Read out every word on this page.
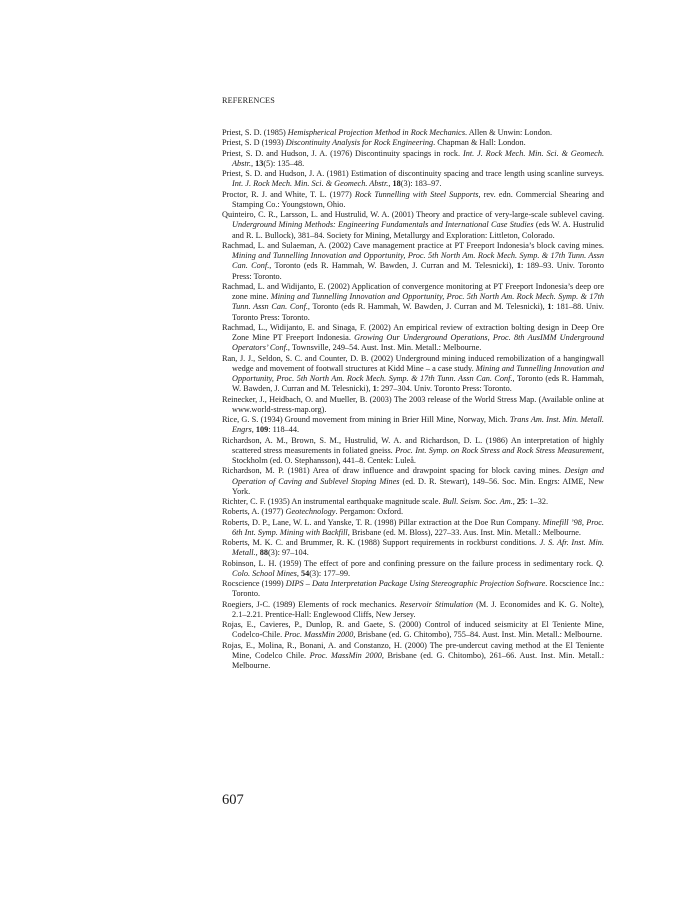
REFERENCES

Priest, S. D. (1985) Hemispherical Projection Method in Rock Mechanics. Allen & Unwin: London.

Priest, S. D (1993) Discontinuity Analysis for Rock Engineering. Chapman & Hall: London.

Priest, S. D. and Hudson, J. A. (1976) Discontinuity spacings in rock. Int. J. Rock Mech. Min. Sci. & Geomech. Abstr., 13(5): 135–48.

Priest, S. D. and Hudson, J. A. (1981) Estimation of discontinuity spacing and trace length using scanline surveys. Int. J. Rock Mech. Min. Sci. & Geomech. Abstr., 18(3): 183–97.

Proctor, R. J. and White, T. L. (1977) Rock Tunnelling with Steel Supports, rev. edn. Commercial Shearing and Stamping Co.: Youngstown, Ohio.

Quinteiro, C. R., Larsson, L. and Hustrulid, W. A. (2001) Theory and practice of very-large-scale sublevel caving. Underground Mining Methods: Engineering Fundamentals and International Case Studies (eds W. A. Hustrulid and R. L. Bullock), 381–84. Society for Mining, Metallurgy and Exploration: Littleton, Colorado.

Rachmad, L. and Sulaeman, A. (2002) Cave management practice at PT Freeport Indonesia’s block caving mines. Mining and Tunnelling Innovation and Opportunity, Proc. 5th North Am. Rock Mech. Symp. & 17th Tunn. Assn Can. Conf., Toronto (eds R. Hammah, W. Bawden, J. Curran and M. Telesnicki), 1: 189–93. Univ. Toronto Press: Toronto.

Rachmad, L. and Widijanto, E. (2002) Application of convergence monitoring at PT Freeport Indonesia’s deep ore zone mine. Mining and Tunnelling Innovation and Opportunity, Proc. 5th North Am. Rock Mech. Symp. & 17th Tunn. Assn Can. Conf., Toronto (eds R. Hammah, W. Bawden, J. Curran and M. Telesnicki), 1: 181–88. Univ. Toronto Press: Toronto.

Rachmad, L., Widijanto, E. and Sinaga, F. (2002) An empirical review of extraction bolting design in Deep Ore Zone Mine PT Freeport Indonesia. Growing Our Underground Operations, Proc. 8th AusIMM Underground Operators’ Conf., Townsville, 249–54. Aust. Inst. Min. Metall.: Melbourne.

Ran, J. J., Seldon, S. C. and Counter, D. B. (2002) Underground mining induced remobilization of a hangingwall wedge and movement of footwall structures at Kidd Mine – a case study. Mining and Tunnelling Innovation and Opportunity, Proc. 5th North Am. Rock Mech. Symp. & 17th Tunn. Assn Can. Conf., Toronto (eds R. Hammah, W. Bawden, J. Curran and M. Telesnicki), 1: 297–304. Univ. Toronto Press: Toronto.

Reinecker, J., Heidbach, O. and Mueller, B. (2003) The 2003 release of the World Stress Map. (Available online at www.world-stress-map.org).

Rice, G. S. (1934) Ground movement from mining in Brier Hill Mine, Norway, Mich. Trans Am. Inst. Min. Metall. Engrs, 109: 118–44.

Richardson, A. M., Brown, S. M., Hustrulid, W. A. and Richardson, D. L. (1986) An interpretation of highly scattered stress measurements in foliated gneiss. Proc. Int. Symp. on Rock Stress and Rock Stress Measurement, Stockholm (ed. O. Stephansson), 441–8. Centek: Luleå.

Richardson, M. P. (1981) Area of draw influence and drawpoint spacing for block caving mines. Design and Operation of Caving and Sublevel Stoping Mines (ed. D. R. Stewart), 149–56. Soc. Min. Engrs: AIME, New York.

Richter, C. F. (1935) An instrumental earthquake magnitude scale. Bull. Seism. Soc. Am., 25: 1–32.

Roberts, A. (1977) Geotechnology. Pergamon: Oxford.

Roberts, D. P., Lane, W. L. and Yanske, T. R. (1998) Pillar extraction at the Doe Run Company. Minefill ’98, Proc. 6th Int. Symp. Mining with Backfill, Brisbane (ed. M. Bloss), 227–33. Aus. Inst. Min. Metall.: Melbourne.

Roberts, M. K. C. and Brummer, R. K. (1988) Support requirements in rockburst conditions. J. S. Afr. Inst. Min. Metall., 88(3): 97–104.

Robinson, L. H. (1959) The effect of pore and confining pressure on the failure process in sedimentary rock. Q. Colo. School Mines, 54(3): 177–99.

Rocscience (1999) DIPS – Data Interpretation Package Using Stereographic Projection Software. Rocscience Inc.: Toronto.

Roegiers, J-C. (1989) Elements of rock mechanics. Reservoir Stimulation (M. J. Economides and K. G. Nolte), 2.1–2.21. Prentice-Hall: Englewood Cliffs, New Jersey.

Rojas, E., Cavieres, P., Dunlop, R. and Gaete, S. (2000) Control of induced seismicity at El Teniente Mine, Codelco-Chile. Proc. MassMin 2000, Brisbane (ed. G. Chitombo), 755–84. Aust. Inst. Min. Metall.: Melbourne.

Rojas, E., Molina, R., Bonani, A. and Constanzo, H. (2000) The pre-undercut caving method at the El Teniente Mine, Codelco Chile. Proc. MassMin 2000, Brisbane (ed. G. Chitombo), 261–66. Aust. Inst. Min. Metall.: Melbourne.

607
